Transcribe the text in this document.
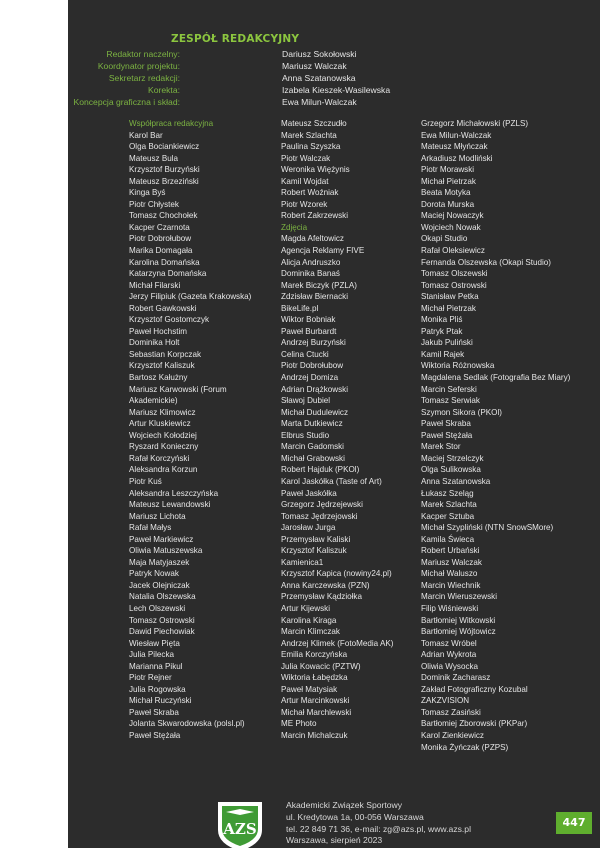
ZESPÓŁ REDAKCYJNY
Redaktor naczelny:	Dariusz Sokołowski
Koordynator projektu:	Mariusz Walczak
Sekretarz redakcji:	Anna Szatanowska
Korekta:	Izabela Kieszek-Wasilewska
Koncepcja graficzna i skład:	Ewa Milun-Walczak
Współpraca redakcyjna
Karol Bar
Olga Bociankiewicz
Mateusz Bula
Krzysztof Burzyński
Mateusz Brzeziński
Kinga Byś
Piotr Chłystek
Tomasz Chochołek
Kacper Czarnota
Piotr Dobrołubow
Marika Domagała
Karolina Domańska
Katarzyna Domańska
Michał Filarski
Jerzy Filipiuk (Gazeta Krakowska)
Robert Gawkowski
Krzysztof Gostomczyk
Paweł Hochstim
Dominika Holt
Sebastian Korpczak
Krzysztof Kaliszuk
Bartosz Kałużny
Mariusz Karwowski (Forum
Akademickie)
Mariusz Klimowicz
Artur Kluskiewicz
Wojciech Kołodziej
Ryszard Konieczny
Rafał Korczyński
Aleksandra Korzun
Piotr Kuś
Aleksandra Leszczyńska
Mateusz Lewandowski
Mariusz Lichota
Rafał Małys
Paweł Markiewicz
Oliwia Matuszewska
Maja Matyjaszek
Patryk Nowak
Jacek Olejniczak
Natalia Olszewska
Lech Olszewski
Tomasz Ostrowski
Dawid Piechowiak
Wiesław Pięta
Julia Pilecka
Marianna Pikul
Piotr Rejner
Julia Rogowska
Michał Ruczyński
Paweł Skraba
Jolanta Skwarodowska (polsl.pl)
Paweł Stężała
Mateusz Szczudło
Marek Szlachta
Paulina Szyszka
Piotr Walczak
Weronika Więżynis
Kamil Wojdat
Robert Woźniak
Piotr Wzorek
Robert Zakrzewski
Zdjęcia
Magda Afeltowicz
Agencja Reklamy FIVE
Alicja Andruszko
Dominika Banaś
Marek Biczyk (PZLA)
Zdzisław Biernacki
BikeLife.pl
Wiktor Bobniak
Paweł Burbardt
Andrzej Burzyński
Celina Ctucki
Piotr Dobrołubow
Andrzej Domiza
Adrian Drążkowski
Sławoj Dubiel
Michał Dudulewicz
Marta Dutkiewicz
Elbrus Studio
Marcin Gadomski
Michał Grabowski
Robert Hajduk (PKOl)
Karol Jaskółka (Taste of Art)
Paweł Jaskółka
Grzegorz Jędrzejewski
Tomasz Jędrzejowski
Jarosław Jurga
Przemysław Kaliski
Krzysztof Kaliszuk
Kamienica1
Krzysztof Kapica (nowiny24.pl)
Anna Karczewska (PZN)
Przemysław Kądziołka
Artur Kijewski
Karolina Kiraga
Marcin Klimczak
Andrzej Klimek (FotoMedia AK)
Emilia Korczyńska
Julia Kowacic (PZTW)
Wiktoria Łabędzka
Paweł Matysiak
Artur Marcinkowski
Michał Marchlewski
ME Photo
Marcin Michalczuk
Grzegorz Michałowski (PZLS)
Ewa Milun-Walczak
Mateusz Młyńczak
Arkadiusz Modliński
Piotr Morawski
Michał Pietrzak
Beata Motyka
Dorota Murska
Maciej Nowaczyk
Wojciech Nowak
Okapi Studio
Rafał Oleksiewicz
Fernanda Olszewska (Okapi Studio)
Tomasz Olszewski
Tomasz Ostrowski
Stanisław Petka
Michał Pietrzak
Monika Pliś
Patryk Ptak
Jakub Puliński
Kamil Rajek
Wiktoria Różnowska
Magdalena Sedlak (Fotografia Bez Miary)
Marcin Seferski
Tomasz Serwiak
Szymon Sikora (PKOl)
Paweł Skraba
Paweł Stężała
Marek Stor
Maciej Strzelczyk
Olga Sulikowska
Anna Szatanowska
Łukasz Szeląg
Marek Szlachta
Kacper Sztuba
Michał Szypliński (NTN SnowSMore)
Kamila Świeca
Robert Urbański
Mariusz Walczak
Michał Waluszo
Marcin Wiechnik
Marcin Wieruszewski
Filip Wiśniewski
Bartłomiej Witkowski
Bartłomiej Wójtowicz
Tomasz Wróbel
Adrian Wykrota
Oliwia Wysocka
Dominik Zacharasz
Zakład Fotograficzny Kozubal
ZAKZVISION
Tomasz Zasiński
Bartłomiej Zborowski (PKPar)
Karol Zienkiewicz
Monika Żyńczak (PZPS)
AZS
Akademicki Związek Sportowy
ul. Kredytowa 1a, 00-056 Warszawa
tel. 22 849 71 36, e-mail: zg@azs.pl, www.azs.pl
Warszawa, sierpień 2023
447
